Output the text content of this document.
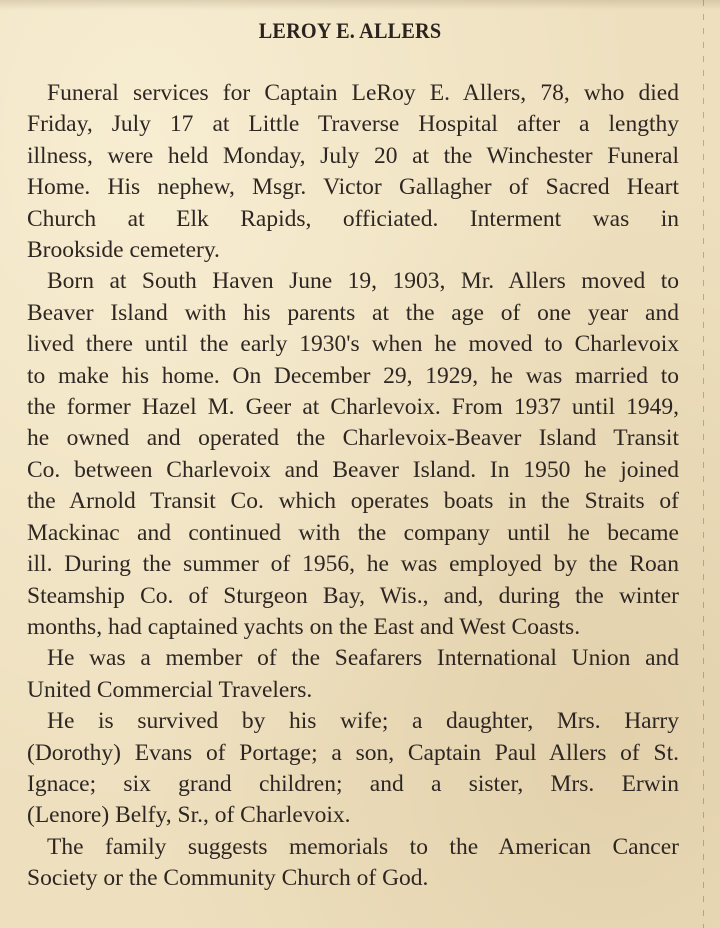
LEROY E. ALLERS

Funeral services for Captain LeRoy E. Allers, 78, who died
Friday, July 17 at Little Traverse Hospital after a lengthy
illness, were held Monday, July 20 at the Winchester Funeral
Home. His nephew, Msgr. Victor Gallagher of Sacred Heart
Church at Elk Rapids, officiated. Interment was in
Brookside cemetery.

Born at South Haven June 19, 1903, Mr. Allers moved to
Beaver Island with his parents at the age of one year and
lived there until the early 1930's when he moved to Charlevoix
to make his home. On December 29, 1929, he was married to
the former Hazel M. Geer at Charlevoix. From 1937 until 1949,
he owned and operated the Charlevoix-Beaver Island Transit
Co. between Charlevoix and Beaver Island. In 1950 he joined
the Arnold Transit Co. which operates boats in the Straits of
Mackinac and continued with the company until he became
ill. During the summer of 1956, he was employed by the Roan
Steamship Co. of Sturgeon Bay, Wis., and, during the winter
months, had captained yachts on the East and West Coasts.

He was a member of the Seafarers International Union and
United Commercial Travelers.

He is survived by his wife; a daughter, Mrs. Harry
(Dorothy) Evans of Portage; a son, Captain Paul Allers of St.
Ignace; six grand children; and a sister, Mrs. Erwin
(Lenore) Belfy, Sr., of Charlevoix.

The family suggests memorials to the American Cancer
Society or the Community Church of God.
